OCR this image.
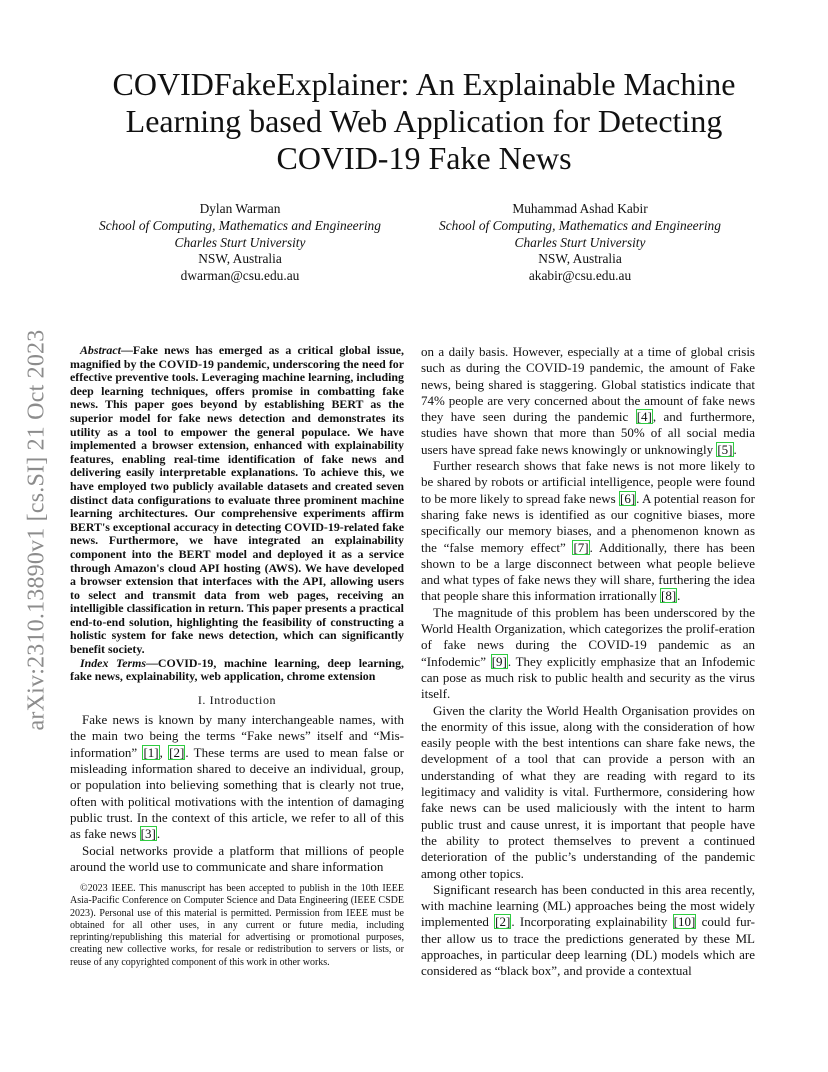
arXiv:2310.13890v1 [cs.SI] 21 Oct 2023
COVIDFakeExplainer: An Explainable Machine Learning based Web Application for Detecting COVID-19 Fake News
Dylan Warman
School of Computing, Mathematics and Engineering
Charles Sturt University
NSW, Australia
dwarman@csu.edu.au
Muhammad Ashad Kabir
School of Computing, Mathematics and Engineering
Charles Sturt University
NSW, Australia
akabir@csu.edu.au

Abstract—Fake news has emerged as a critical global issue, magnified by the COVID-19 pandemic, underscoring the need for effective preventive tools. Leveraging machine learning, including deep learning techniques, offers promise in combatting fake news. This paper goes beyond by establishing BERT as the superior model for fake news detection and demonstrates its utility as a tool to empower the general populace. We have implemented a browser extension, enhanced with explainability features, enabling real-time identification of fake news and delivering easily interpretable explanations. To achieve this, we have employed two publicly available datasets and created seven distinct data configurations to evaluate three prominent machine learning architectures. Our comprehensive experiments affirm BERT's exceptional accuracy in detecting COVID-19-related fake news. Furthermore, we have integrated an explainability component into the BERT model and deployed it as a service through Amazon's cloud API hosting (AWS). We have developed a browser extension that interfaces with the API, allowing users to select and transmit data from web pages, receiving an intelligible classification in return. This paper presents a practical end-to-end solution, highlighting the feasibility of constructing a holistic system for fake news detection, which can significantly benefit society.

Index Terms—COVID-19, machine learning, deep learning, fake news, explainability, web application, chrome extension

I. Introduction

Fake news is known by many interchangeable names, with the main two being the terms “Fake news” itself and “Mis-information” [1], [2]. These terms are used to mean false or misleading information shared to deceive an individual, group, or population into believing something that is clearly not true, often with political motivations with the intention of damaging public trust. In the context of this article, we refer to all of this as fake news [3].

Social networks provide a platform that millions of people around the world use to communicate and share information

©2023 IEEE. This manuscript has been accepted to publish in the 10th IEEE Asia-Pacific Conference on Computer Science and Data Engineering (IEEE CSDE 2023). Personal use of this material is permitted. Permission from IEEE must be obtained for all other uses, in any current or future media, including reprinting/republishing this material for advertising or promotional purposes, creating new collective works, for resale or redistribution to servers or lists, or reuse of any copyrighted component of this work in other works.

on a daily basis. However, especially at a time of global crisis such as during the COVID-19 pandemic, the amount of Fake news, being shared is staggering. Global statistics indicate that 74% people are very concerned about the amount of fake news they have seen during the pandemic [4], and furthermore, studies have shown that more than 50% of all social media users have spread fake news knowingly or unknowingly [5].

Further research shows that fake news is not more likely to be shared by robots or artificial intelligence, people were found to be more likely to spread fake news [6]. A potential reason for sharing fake news is identified as our cognitive biases, more specifically our memory biases, and a phenomenon known as the “false memory effect” [7]. Additionally, there has been shown to be a large disconnect between what people believe and what types of fake news they will share, furthering the idea that people share this information irrationally [8].

The magnitude of this problem has been underscored by the World Health Organization, which categorizes the prolif-eration of fake news during the COVID-19 pandemic as an “Infodemic” [9]. They explicitly emphasize that an Infodemic can pose as much risk to public health and security as the virus itself.

Given the clarity the World Health Organisation provides on the enormity of this issue, along with the consideration of how easily people with the best intentions can share fake news, the development of a tool that can provide a person with an understanding of what they are reading with regard to its legitimacy and validity is vital. Furthermore, considering how fake news can be used maliciously with the intent to harm public trust and cause unrest, it is important that people have the ability to protect themselves to prevent a continued deterioration of the public’s understanding of the pandemic among other topics.

Significant research has been conducted in this area recently, with machine learning (ML) approaches being the most widely implemented [2]. Incorporating explainability [10] could fur-ther allow us to trace the predictions generated by these ML approaches, in particular deep learning (DL) models which are considered as “black box”, and provide a contextual
